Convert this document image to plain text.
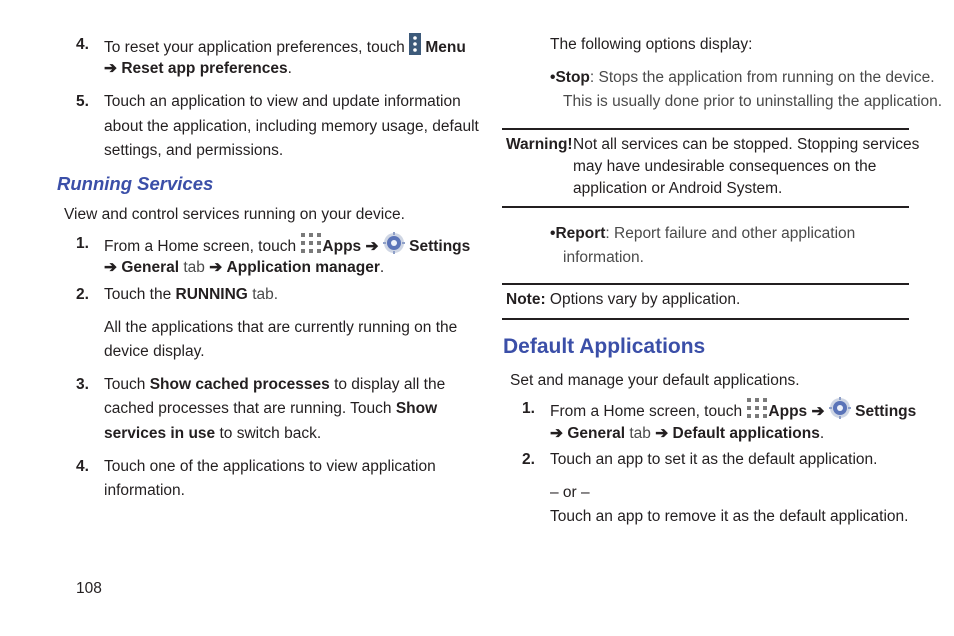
4. To reset your application preferences, touch Menu
➔ Reset app preferences.
5. Touch an application to view and update information
about the application, including memory usage, default
settings, and permissions.
Running Services
View and control services running on your device.
1. From a Home screen, touch Apps ➔ Settings
➔ General tab ➔ Application manager.
2. Touch the RUNNING tab.
All the applications that are currently running on the
device display.
3. Touch Show cached processes to display all the
cached processes that are running. Touch Show
services in use to switch back.
4. Touch one of the applications to view application
information.
108
The following options display:
•Stop: Stops the application from running on the device.
This is usually done prior to uninstalling the application.
Warning! Not all services can be stopped. Stopping services
may have undesirable consequences on the
application or Android System.
•Report: Report failure and other application
information.
Note: Options vary by application.
Default Applications
Set and manage your default applications.
1. From a Home screen, touch Apps ➔ Settings
➔ General tab ➔ Default applications.
2. Touch an app to set it as the default application.
– or –
Touch an app to remove it as the default application.
